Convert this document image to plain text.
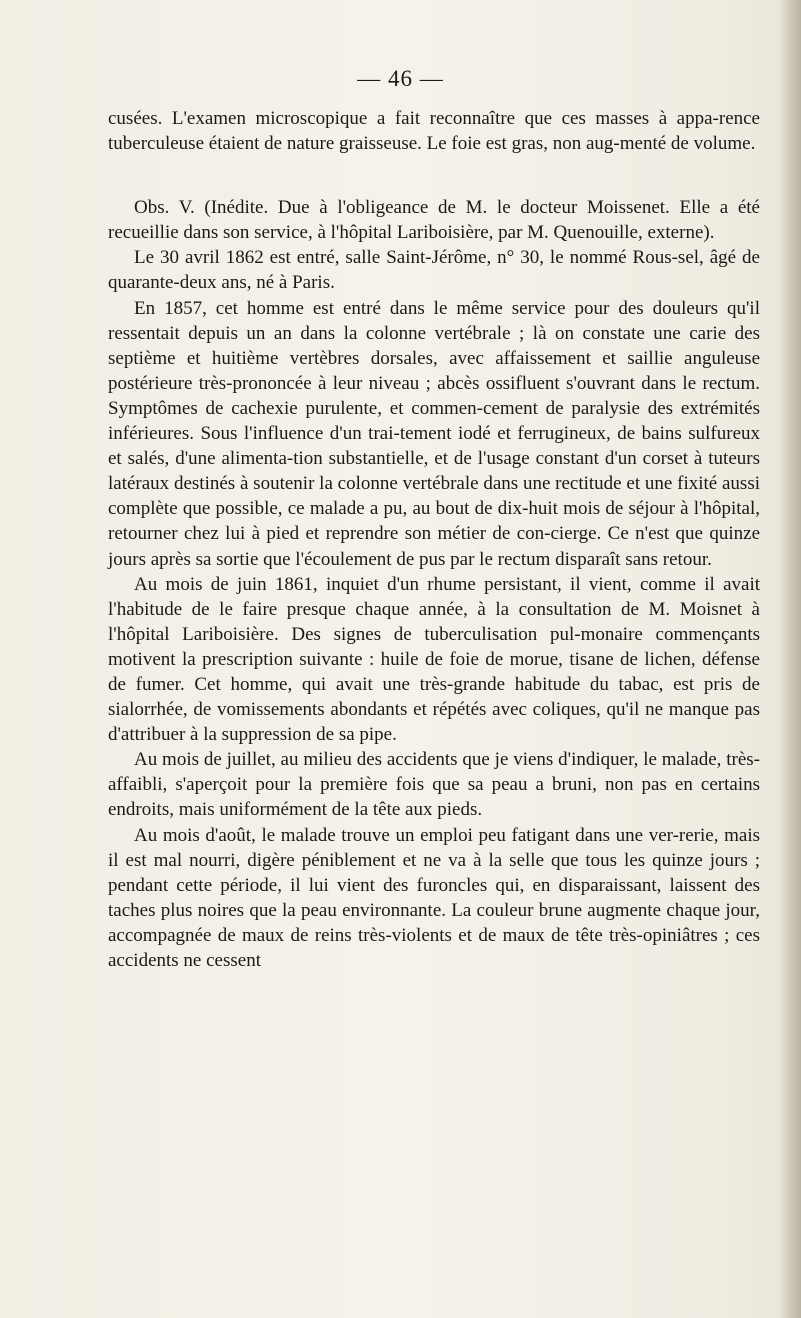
— 46 —

cusées. L'examen microscopique a fait reconnaître que ces masses à appa-rence tuberculeuse étaient de nature graisseuse. Le foie est gras, non aug-menté de volume.

Obs. V. (Inédite. Due à l'obligeance de M. le docteur Moissenet. Elle a été recueillie dans son service, à l'hôpital Lariboisière, par M. Quenouille, externe).

Le 30 avril 1862 est entré, salle Saint-Jérôme, n° 30, le nommé Rous-sel, âgé de quarante-deux ans, né à Paris.

En 1857, cet homme est entré dans le même service pour des douleurs qu'il ressentait depuis un an dans la colonne vertébrale ; là on constate une carie des septième et huitième vertèbres dorsales, avec affaissement et saillie anguleuse postérieure très-prononcée à leur niveau ; abcès ossifluent s'ouvrant dans le rectum. Symptômes de cachexie purulente, et commen-cement de paralysie des extrémités inférieures. Sous l'influence d'un trai-tement iodé et ferrugineux, de bains sulfureux et salés, d'une alimenta-tion substantielle, et de l'usage constant d'un corset à tuteurs latéraux destinés à soutenir la colonne vertébrale dans une rectitude et une fixité aussi complète que possible, ce malade a pu, au bout de dix-huit mois de séjour à l'hôpital, retourner chez lui à pied et reprendre son métier de con-cierge. Ce n'est que quinze jours après sa sortie que l'écoulement de pus par le rectum disparaît sans retour.

Au mois de juin 1861, inquiet d'un rhume persistant, il vient, comme il avait l'habitude de le faire presque chaque année, à la consultation de M. Moisnet à l'hôpital Lariboisière. Des signes de tuberculisation pul-monaire commençants motivent la prescription suivante : huile de foie de morue, tisane de lichen, défense de fumer. Cet homme, qui avait une très-grande habitude du tabac, est pris de sialorrhée, de vomissements abondants et répétés avec coliques, qu'il ne manque pas d'attribuer à la suppression de sa pipe.

Au mois de juillet, au milieu des accidents que je viens d'indiquer, le malade, très-affaibli, s'aperçoit pour la première fois que sa peau a bruni, non pas en certains endroits, mais uniformément de la tête aux pieds.

Au mois d'août, le malade trouve un emploi peu fatigant dans une ver-rerie, mais il est mal nourri, digère péniblement et ne va à la selle que tous les quinze jours ; pendant cette période, il lui vient des furoncles qui, en disparaissant, laissent des taches plus noires que la peau environnante. La couleur brune augmente chaque jour, accompagnée de maux de reins très-violents et de maux de tête très-opiniâtres ; ces accidents ne cessent
